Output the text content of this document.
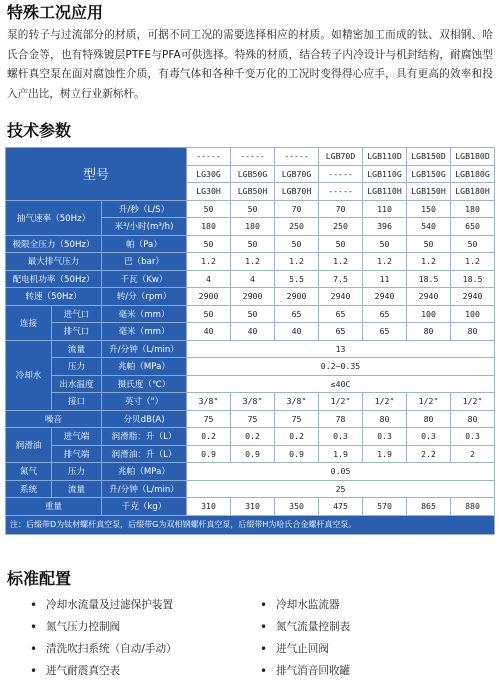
特殊工况应用
泵的转子与过流部分的材质，可据不同工况的需要选择相应的材质。如精密加工而成的钛、双相钢、哈氏合金等，也有特殊镀层PTFE与PFA可供选择。特殊的材质，结合转子内冷设计与机封结构，耐腐蚀型螺杆真空泵在面对腐蚀性介质，有毒气体和各种千变万化的工况时变得得心应手，具有更高的效率和投入产出比，树立行业新标杆。
技术参数
型号			-----	-----	-----	LGB70D	LGB110D	LGB150D	LGB180D
			LG30G	LGB50G	LGB70G	-----	LGB110G	LGB150G	LGB180G
			LG30H	LGB50H	LGB70H	-----	LGB110H	LGB150H	LGB180H
抽气速率（50Hz）		升/秒（L/S）	50	50	70	70	110	150	180
		米³/小时(m³/h)	180	180	250	250	396	540	650
极限全压力（50Hz）		帕（Pa）	50	50	50	50	50	50	50
最大排气压力		巴（bar）	1.2	1.2	1.2	1.2	1.2	1.2	1.2
配电机功率（50Hz）		千瓦（Kw）	4	4	5.5	7.5	11	18.5	18.5
转速（50Hz）		转/分（rpm）	2900	2900	2900	2940	2940	2940	2940
连接	进气口	毫米（mm）	50	50	65	65	65	100	100
	排气口	毫米（mm）	40	40	40	65	65	80	80
冷却水	流量	升/分钟（L/min）	13						
	压力	兆帕（MPa）	0.2~0.35						
	出水温度	摄氏度（℃）	≤40C						
	接口	英寸（"）	3/8"	3/8"	3/8"	1/2"	1/2"	1/2"	1/2"
噪音		分贝dB(A)	75	75	75	78	80	80	80
润滑油	进气端	润滑脂：升（L）	0.2	0.2	0.2	0.3	0.3	0.3	0.3
	排气端	润滑油：升（L）	0.9	0.9	0.9	1.9	1.9	2.2	2
氮气	压力	兆帕（MPa）	0.05						
系统	流量	升/分钟（L/min）	25						
重量		千克（kg）	310	310	350	475	570	865	880
注：后缀带D为钛材螺杆真空泵，后缀带G为双相钢螺杆真空泵，后缀带H为哈氏合金螺杆真空泵。									
标准配置
• 冷却水流量及过滤保护装置
• 氮气压力控制阀
• 清洗吹扫系统（自动/手动）
• 进气耐震真空表
• 冷却水监流器
• 氮气流量控制表
• 进气止回阀
• 排气消音回收罐
